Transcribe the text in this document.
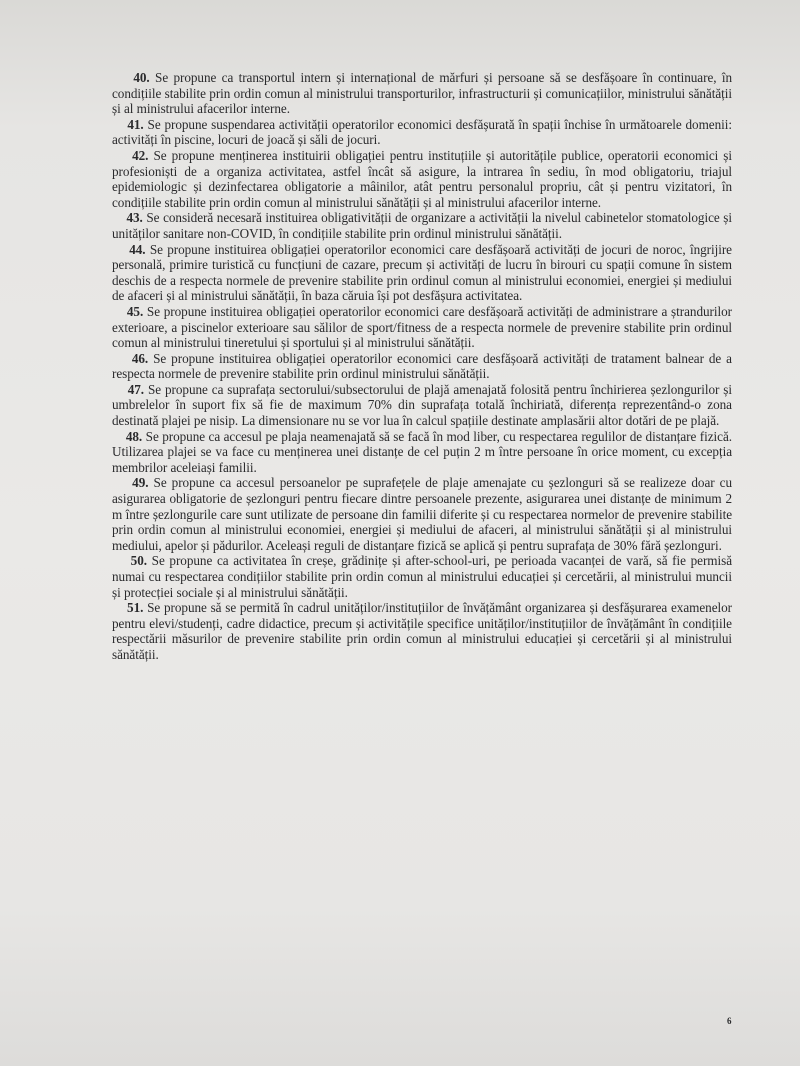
40. Se propune ca transportul intern și internațional de mărfuri și persoane să se desfășoare în continuare, în condițiile stabilite prin ordin comun al ministrului transporturilor, infrastructurii și comunicațiilor, ministrului sănătății și al ministrului afacerilor interne.

41. Se propune suspendarea activității operatorilor economici desfășurată în spații închise în următoarele domenii: activități în piscine, locuri de joacă și săli de jocuri.

42. Se propune menținerea instituirii obligației pentru instituțiile și autoritățile publice, operatorii economici și profesioniști de a organiza activitatea, astfel încât să asigure, la intrarea în sediu, în mod obligatoriu, triajul epidemiologic și dezinfectarea obligatorie a mâinilor, atât pentru personalul propriu, cât și pentru vizitatori, în condițiile stabilite prin ordin comun al ministrului sănătății și al ministrului afacerilor interne.

43. Se consideră necesară instituirea obligativității de organizare a activității la nivelul cabinetelor stomatologice și unităților sanitare non-COVID, în condițiile stabilite prin ordinul ministrului sănătății.

44. Se propune instituirea obligației operatorilor economici care desfășoară activități de jocuri de noroc, îngrijire personală, primire turistică cu funcțiuni de cazare, precum și activități de lucru în birouri cu spații comune în sistem deschis de a respecta normele de prevenire stabilite prin ordinul comun al ministrului economiei, energiei și mediului de afaceri și al ministrului sănătății, în baza căruia își pot desfășura activitatea.

45. Se propune instituirea obligației operatorilor economici care desfășoară activități de administrare a ștrandurilor exterioare, a piscinelor exterioare sau sălilor de sport/fitness de a respecta normele de prevenire stabilite prin ordinul comun al ministrului tineretului și sportului și al ministrului sănătății.

46. Se propune instituirea obligației operatorilor economici care desfășoară activități de tratament balnear de a respecta normele de prevenire stabilite prin ordinul ministrului sănătății.

47. Se propune ca suprafața sectorului/subsectorului de plajă amenajată folosită pentru închirierea șezlongurilor și umbrelelor în suport fix să fie de maximum 70% din suprafața totală închiriată, diferența reprezentând-o zona destinată plajei pe nisip. La dimensionare nu se vor lua în calcul spațiile destinate amplasării altor dotări de pe plajă.

48. Se propune ca accesul pe plaja neamenajată să se facă în mod liber, cu respectarea regulilor de distanțare fizică. Utilizarea plajei se va face cu menținerea unei distanțe de cel puțin 2 m între persoane în orice moment, cu excepția membrilor aceleiași familii.

49. Se propune ca accesul persoanelor pe suprafețele de plaje amenajate cu șezlonguri să se realizeze doar cu asigurarea obligatorie de șezlonguri pentru fiecare dintre persoanele prezente, asigurarea unei distanțe de minimum 2 m între șezlongurile care sunt utilizate de persoane din familii diferite și cu respectarea normelor de prevenire stabilite prin ordin comun al ministrului economiei, energiei și mediului de afaceri, al ministrului sănătății și al ministrului mediului, apelor și pădurilor. Aceleași reguli de distanțare fizică se aplică și pentru suprafața de 30% fără șezlonguri.

50. Se propune ca activitatea în creșe, grădinițe și after-school-uri, pe perioada vacanței de vară, să fie permisă numai cu respectarea condițiilor stabilite prin ordin comun al ministrului educației și cercetării, al ministrului muncii și protecției sociale și al ministrului sănătății.

51. Se propune să se permită în cadrul unităților/instituțiilor de învățământ organizarea și desfășurarea examenelor pentru elevi/studenți, cadre didactice, precum și activitățile specifice unităților/instituțiilor de învățământ în condițiile respectării măsurilor de prevenire stabilite prin ordin comun al ministrului educației și cercetării și al ministrului sănătății.

6
